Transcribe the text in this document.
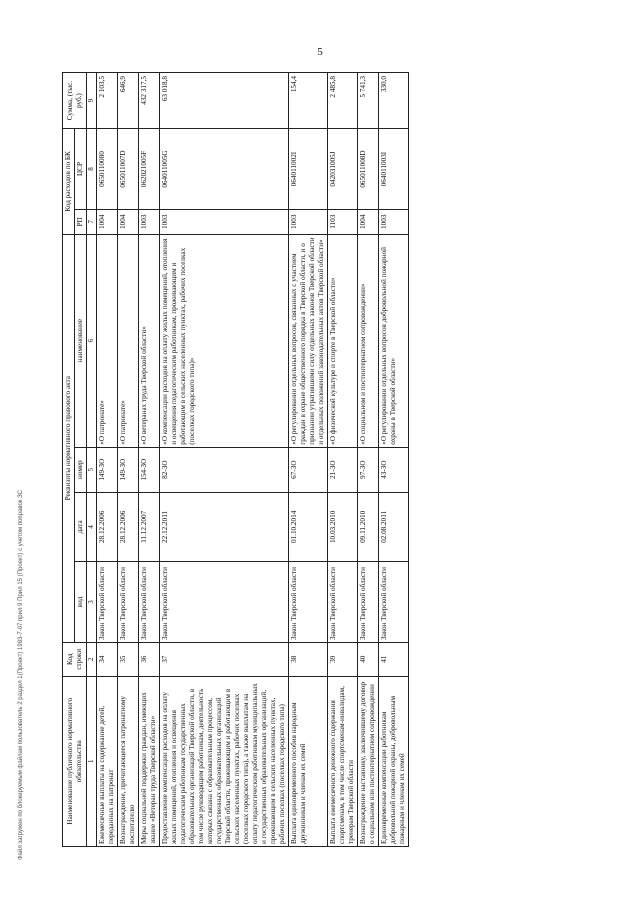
5
Файл загружен по блокируемым файлам пользователь 2 раздел 1(Проект) 1983-7-07 прил 9 Прил 15 (Проект) с учетом поправок ЗС	Наименование публичного нормативного обязательства	Код строки	Реквизиты нормативного правового акта				Код расходов по БК		Сумма, (тыс. руб.)
		вид	дата	номер	наименование	РП	ЦСР	
1	2	3	4	5	6	7	8	9
Ежемесячные выплаты на содержание детей, переданных на патронат	34	Закон Тверской области	28.12.2006	149-ЗО	«О патронате»	1004	0650110080	2 103,5
Вознаграждение, причитающееся патронатному воспитателю	35	Закон Тверской области	28.12.2006	149-ЗО	«О патронате»	1004	065011007D	646,9
Меры социальной поддержки граждан, имеющих звание «Ветеран труда Тверской области»	36	Закон Тверской области	11.12.2007	154-ЗО	«О ветеранах труда Тверской области»	1003	062021005F	432 317,5
Предоставление компенсации расходов на оплату жилых помещений, отопления и освещения педагогическим работникам государственных образовательных организаций Тверской области, в том числе руководящим работникам, деятельность которых связана с образовательным процессом, государственных образовательных организаций Тверской области, проживающим и работающим в сельских населенных пунктах, рабочих поселках (поселках городского типа), а также выплатам на оплату педагогическим работникам муниципальных и государственных образовательных организаций, проживающим в сельских населенных пунктах, рабочих поселках (поселках городского типа)	37	Закон Тверской области	22.12.2011	82-ЗО	«О компенсации расходов на оплату жилых помещений, отопления и освещения педагогическим работникам, проживающим и работающим в сельских населенных пунктах, рабочих поселках (поселках городского типа)»	1003	064011005G	63 018,8
Выплата единовременного пособия народным дружинникам и членам их семей	38	Закон Тверской области	01.10.2014	67-ЗО	«О регулировании отдельных вопросов, связанных с участием граждан в охране общественного порядка в Тверской области, и о признании утратившими силу отдельных законов Тверской области и отдельных положений законодательных актов Тверской области»	1003	064011002I	154,4
Выплата ежемесячного денежного содержания спортсменам, в том числе спортсменам-инвалидам, тренерам Тверской области	39	Закон Тверской области	10.03.2010	21-ЗО	«О физической культуре и спорте в Тверской области»	1103	042031005J	2 485,8
Вознаграждение наставнику, заключившему договор о социальном или постинтернатном сопровождении	40	Закон Тверской области	09.11.2010	97-ЗО	«О социальном и постинтернатном сопровождении»	1004	065011008D	5 741,3
Единовременные компенсации работникам добровольной пожарной охраны, добровольным пожарным и членам их семей	41	Закон Тверской области	02.08.2011	43-ЗО	«О регулировании отдельных вопросов добровольной пожарной охраны в Тверской области»	1003	064011003I	330,0
